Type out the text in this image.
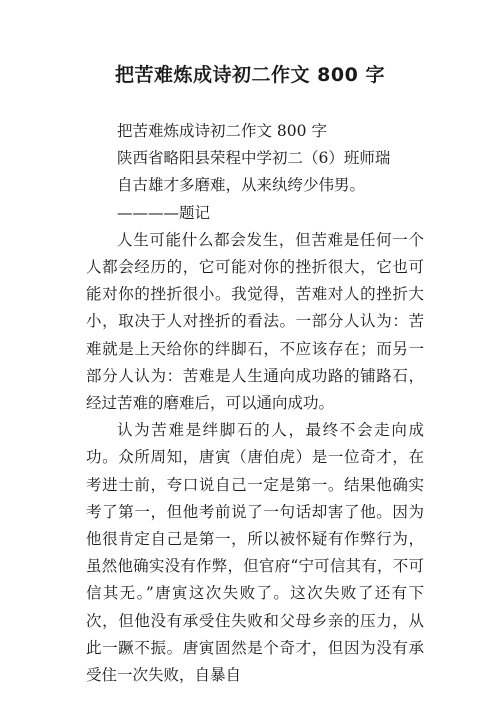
把苦难炼成诗初二作文 800 字

把苦难炼成诗初二作文 800 字

陕西省略阳县荣程中学初二（6）班师瑞

自古雄才多磨难，从来纨绔少伟男。

————题记

人生可能什么都会发生，但苦难是任何一个人都会经历的，它可能对你的挫折很大，它也可能对你的挫折很小。我觉得，苦难对人的挫折大小，取决于人对挫折的看法。一部分人认为：苦难就是上天给你的绊脚石，不应该存在；而另一部分人认为：苦难是人生通向成功路的铺路石，经过苦难的磨难后，可以通向成功。

认为苦难是绊脚石的人，最终不会走向成功。众所周知，唐寅（唐伯虎）是一位奇才，在考进士前，夸口说自己一定是第一。结果他确实考了第一，但他考前说了一句话却害了他。因为他很肯定自己是第一，所以被怀疑有作弊行为，虽然他确实没有作弊，但官府“宁可信其有，不可信其无。”唐寅这次失败了。这次失败了还有下次，但他没有承受住失败和父母乡亲的压力，从此一蹶不振。唐寅固然是个奇才，但因为没有承受住一次失败，自暴自
